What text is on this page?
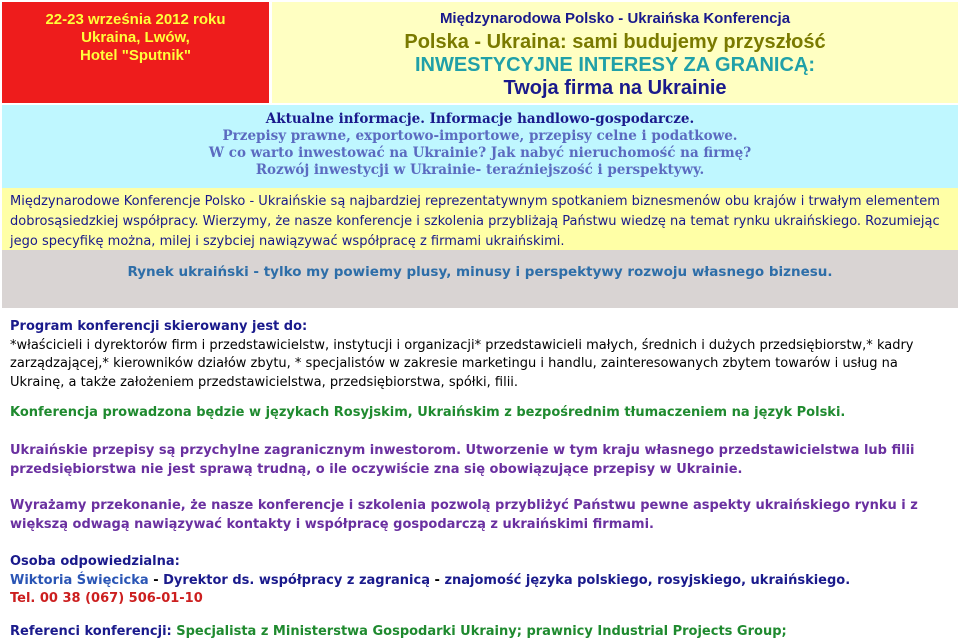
22-23 września 2012 roku
Ukraina, Lwów,
Hotel "Sputnik"
Międzynarodowa Polsko - Ukraińska Konferencja
Polska - Ukraina: sami budujemy przyszłość
INWESTYCYJNE INTERESY ZA GRANICĄ:
Twoja firma na Ukrainie
Aktualne informacje. Informacje handlowo-gospodarcze.
Przepisy prawne, exportowo-importowe, przepisy celne i podatkowe.
W co warto inwestować na Ukrainie? Jak nabyć nieruchomość na firmę?
Rozwój inwestycji w Ukrainie- teraźniejszość i perspektywy.
Międzynarodowe Konferencje Polsko - Ukraińskie są najbardziej reprezentatywnym spotkaniem biznesmenów obu krajów i trwałym elementem dobrosąsiedzkiej współpracy. Wierzymy, że nasze konferencje i szkolenia przybliżają Państwu wiedzę na temat rynku ukraińskiego. Rozumiejąc jego specyfikę można, milej i szybciej nawiązywać współpracę z firmami ukraińskimi.
Rynek ukraiński - tylko my powiemy plusy, minusy i perspektywy rozwoju własnego biznesu.
Program konferencji skierowany jest do:
*właścicieli i dyrektorów firm i przedstawicielstw, instytucji i organizacji* przedstawicieli małych, średnich i dużych przedsiębiorstw,* kadry zarządzającej,* kierowników działów zbytu, * specjalistów w zakresie marketingu i handlu, zainteresowanych zbytem towarów i usług na Ukrainę, a także założeniem przedstawicielstwa, przedsiębiorstwa, spółki, filii.
Konferencja prowadzona będzie w językach Rosyjskim, Ukraińskim z bezpośrednim tłumaczeniem na język Polski.
Ukraińskie przepisy są przychylne zagranicznym inwestorom. Utworzenie w tym kraju własnego przedstawicielstwa lub filii przedsiębiorstwa nie jest sprawą trudną, o ile oczywiście zna się obowiązujące przepisy w Ukrainie.
Wyrażamy przekonanie, że nasze konferencje i szkolenia pozwolą przybliżyć Państwu pewne aspekty ukraińskiego rynku i z większą odwagą nawiązywać kontakty i współpracę gospodarczą z ukraińskimi firmami.
Osoba odpowiedzialna:
Wiktoria Święcicka - Dyrektor ds. współpracy z zagranicą - znajomość języka polskiego, rosyjskiego, ukraińskiego.
Tel. 00 38 (067) 506-01-10
Referenci konferencji: Specjalista z Ministerstwa Gospodarki Ukrainy; prawnicy Industrial Projects Group;
